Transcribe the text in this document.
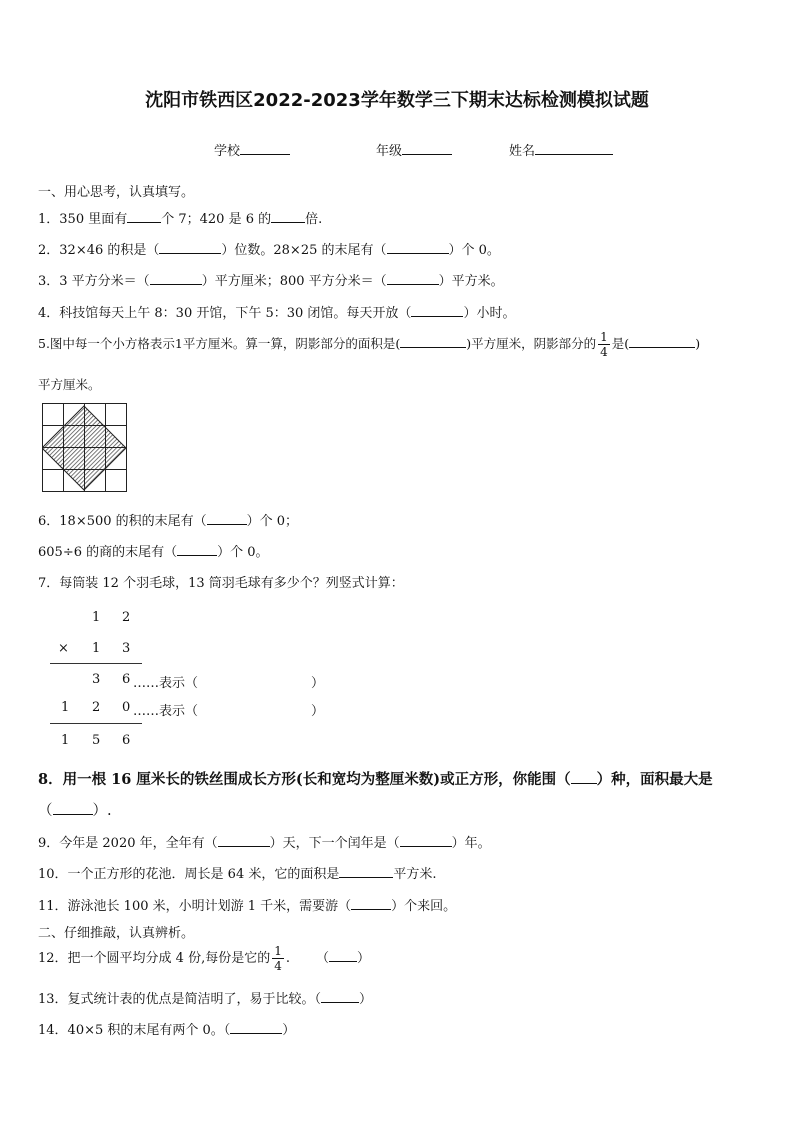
沈阳市铁西区2022-2023学年数学三下期末达标检测模拟试题
学校	年级	姓名
一、用心思考，认真填写。
1．350 里面有	个 7；420 是 6 的	倍.
2．32×46 的积是（	）位数。28×25 的末尾有（	）个 0。
3．3 平方分米＝（	）平方厘米；800 平方分米＝（	）平方米。
4．科技馆每天上午 8：30 开馆，下午 5：30 闭馆。每天开放（	）小时。
5.图中每一个小方格表示1平方厘米。算一算，阴影部分的面积是(	)平方厘米，阴影部分的 $\frac{1}{4}$ 是(	)
平方厘米。
6．18×500 的积的末尾有（	）个 0；
605÷6 的商的末尾有（	）个 0。
7．每筒装 12 个羽毛球，13 筒羽毛球有多少个？列竖式计算：
1 2
× 1 3
3 6 ……表示（	）
1 2 0 ……表示（	）
1 5 6
8．用一根 16 厘米长的铁丝围成长方形(长和宽均为整厘米数)或正方形，你能围（ ）种，面积最大是
（	）.
9．今年是 2020 年，全年有（	）天，下一个闰年是（	）年。
10．一个正方形的花池．周长是 64 米，它的面积是	平方米.
11．游泳池长 100 米，小明计划游 1 千米，需要游（	）个来回。
二、仔细推敲，认真辨析。
12．把一个圆平均分成 4 份,每份是它的 $\frac{1}{4}$ . （ ）
13．复式统计表的优点是简洁明了，易于比较。（	）
14．40×5 积的末尾有两个 0。（	）
